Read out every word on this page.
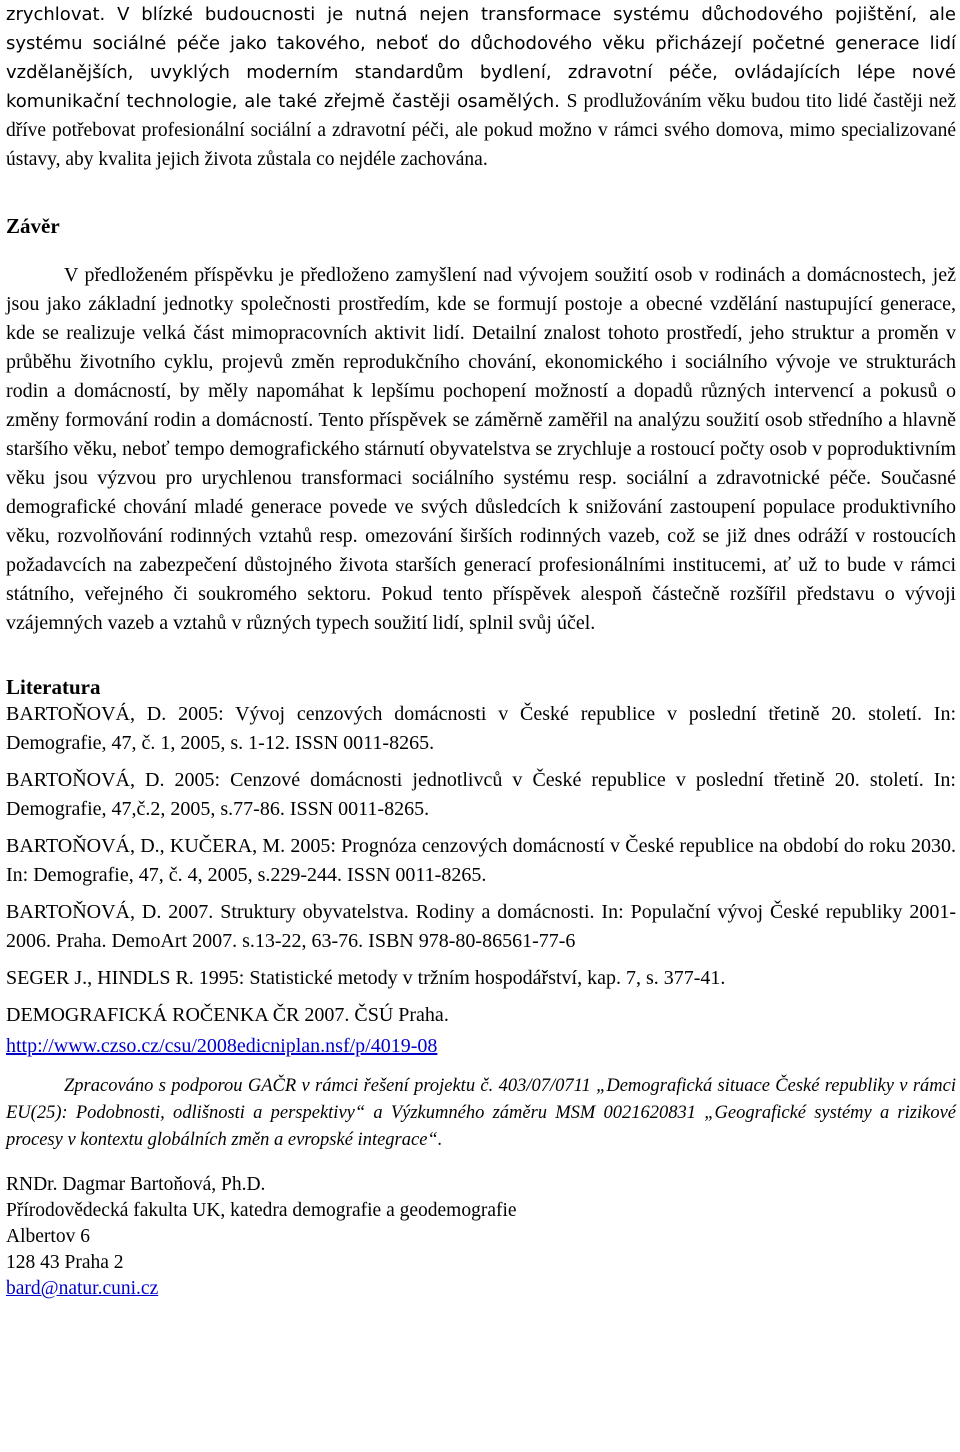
zrychlovat. V blízké budoucnosti je nutná nejen transformace systému důchodového pojištění, ale systému sociálné péče jako takového, neboť do důchodového věku přicházejí početné generace lidí vzdělanějších, uvyklých moderním standardům bydlení, zdravotní péče, ovládajících lépe nové komunikační technologie, ale také zřejmě častěji osamělých. S prodlužováním věku budou tito lidé častěji než dříve potřebovat profesionální sociální a zdravotní péči, ale pokud možno v rámci svého domova, mimo specializované ústavy, aby kvalita jejich života zůstala co nejdéle zachována.

Závěr

V předloženém příspěvku je předloženo zamyšlení nad vývojem soužití osob v rodinách a domácnostech, jež jsou jako základní jednotky společnosti prostředím, kde se formují postoje a obecné vzdělání nastupující generace, kde se realizuje velká část mimopracovních aktivit lidí. Detailní znalost tohoto prostředí, jeho struktur a proměn v průběhu životního cyklu, projevů změn reprodukčního chování, ekonomického i sociálního vývoje ve strukturách rodin a domácností, by měly napomáhat k lepšímu pochopení možností a dopadů různých intervencí a pokusů o změny formování rodin a domácností. Tento příspěvek se záměrně zaměřil na analýzu soužití osob středního a hlavně staršího věku, neboť tempo demografického stárnutí obyvatelstva se zrychluje a rostoucí počty osob v poproduktivním věku jsou výzvou pro urychlenou transformaci sociálního systému resp. sociální a zdravotnické péče. Současné demografické chování mladé generace povede ve svých důsledcích k snižování zastoupení populace produktivního věku, rozvolňování rodinných vztahů resp. omezování širších rodinných vazeb, což se již dnes odráží v rostoucích požadavcích na zabezpečení důstojného života starších generací profesionálními institucemi, ať už to bude v rámci státního, veřejného či soukromého sektoru. Pokud tento příspěvek alespoň částečně rozšířil představu o vývoji vzájemných vazeb a vztahů v různých typech soužití lidí, splnil svůj účel.

Literatura
BARTOŇOVÁ, D. 2005: Vývoj cenzových domácnosti v České republice v poslední třetině 20. století. In: Demografie, 47, č. 1, 2005, s. 1-12. ISSN 0011-8265.
BARTOŇOVÁ, D. 2005: Cenzové domácnosti jednotlivců v České republice v poslední třetině 20. století. In: Demografie, 47,č.2, 2005, s.77-86. ISSN 0011-8265.
BARTOŇOVÁ, D., KUČERA, M. 2005: Prognóza cenzových domácností v České republice na období do roku 2030. In: Demografie, 47, č. 4, 2005, s.229-244. ISSN 0011-8265.
BARTOŇOVÁ, D. 2007. Struktury obyvatelstva. Rodiny a domácnosti. In: Populační vývoj České republiky 2001-2006. Praha. DemoArt 2007. s.13-22, 63-76. ISBN 978-80-86561-77-6
SEGER J., HINDLS R. 1995: Statistické metody v tržním hospodářství, kap. 7, s. 377-41.
DEMOGRAFICKÁ ROČENKA ČR 2007. ČSÚ Praha.
http://www.czso.cz/csu/2008edicniplan.nsf/p/4019-08

Zpracováno s podporou GAČR v rámci řešení projektu č. 403/07/0711 „Demografická situace České republiky v rámci EU(25): Podobnosti, odlišnosti a perspektivy“ a Výzkumného záměru MSM 0021620831 „Geografické systémy a rizikové procesy v kontextu globálních změn a evropské integrace“.

RNDr. Dagmar Bartoňová, Ph.D.
Přírodovědecká fakulta UK, katedra demografie a geodemografie
Albertov 6
128 43 Praha 2
bard@natur.cuni.cz
